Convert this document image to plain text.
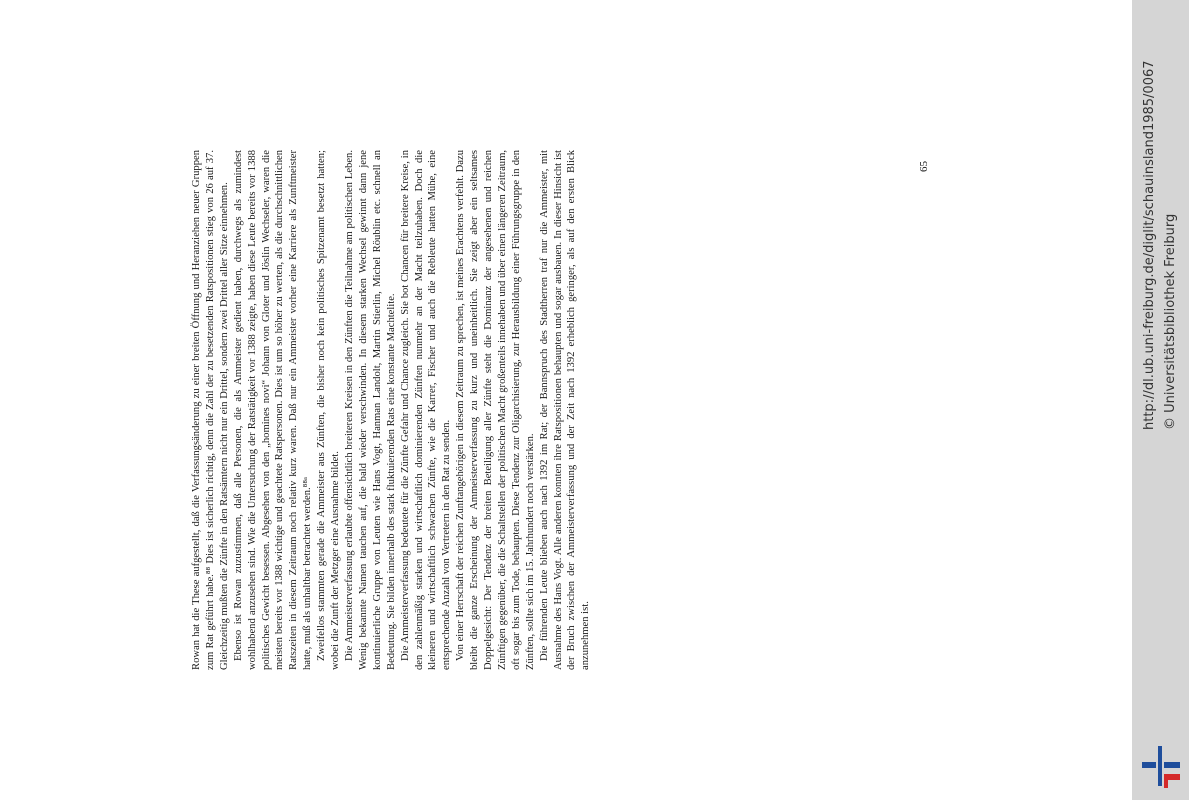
Rowan hat die These aufgestellt, daß die Verfassungsänderung zu einer breiten Öffnung und Heranziehen neuer Gruppen zum Rat geführt habe.⁸⁸ Dies ist sicherlich richtig, denn die Zahl der zu besetzenden Ratspositionen stieg von 26 auf 37. Gleichzeitig mußten die Zünfte in den Ratsämtern nicht nur ein Drittel, sondern zwei Drittel aller Sitze einnehmen. Ebenso ist Rowan zuzustimmen, daß alle Personen, die als Ammeister gedient haben, durchwegs als zumindest wohlhabend anzusehen sind. Wie die Untersuchung der Ratstätigkeit vor 1388 zeigte, haben diese Leute bereits vor 1388 politisches Gewicht besessen. Abgesehen von den „homines novi“ Johann von Gloter und Jöslin Wechseler, waren die meisten bereits vor 1388 wichtige und geachtete Ratspersonen. Dies ist um so höher zu werten, als die durchschnittlichen Ratszeiten in diesem Zeitraum noch relativ kurz waren. Daß nur ein Ammeister vorher eine Karriere als Zunftmeister hatte, muß als unhaltbar betrachtet werden.⁸⁸ᵃ Zweifellos stammten gerade die Ammeister aus Zünften, die bisher noch kein politisches Spitzenamt besetzt hatten; wobei die Zunft der Metzger eine Ausnahme bildet. Die Ammeisterverfassung erlaubte offensichtlich breiteren Kreisen in den Zünften die Teilnahme am politischen Leben. Wenig bekannte Namen tauchen auf, die bald wieder verschwinden. In diesem starken Wechsel gewinnt dann jene kontinuierliche Gruppe von Leuten wie Hans Vogt, Hanman Landolt, Martin Stierlin, Michel Röublin etc. schnell an Bedeutung. Sie bilden innerhalb des stark fluktuierenden Rats eine konstante Machtelite. Die Ammeisterverfassung bedeutete für die Zünfte Gefahr und Chance zugleich. Sie bot Chancen für breitere Kreise, in den zahlenmäßig starken und wirtschaftlich dominierenden Zünften nunmehr an der Macht teilzuhaben. Doch die kleineren und wirtschaftlich schwachen Zünfte, wie die Karrer, Fischer und auch die Rebleute hatten Mühe, eine entsprechende Anzahl von Vertretern in den Rat zu senden. Von einer Herrschaft der reichen Zunftangehörigen in diesem Zeitraum zu sprechen, ist meines Erachtens verfehlt. Dazu bleibt die ganze Erscheinung der Ammeisterverfassung zu kurz und uneinheitlich. Sie zeigt aber ein seltsames Doppelgesicht: Der Tendenz der breiten Beteiligung aller Zünfte steht die Dominanz der angesehenen und reichen Zünftigen gegenüber, die die Schaltstellen der politischen Macht großenteils innehaben und über einen längeren Zeitraum, oft sogar bis zum Tode, behaupten. Diese Tendenz zur Oligarchisierung, zur Herausbildung einer Führungsgruppe in den Zünften, sollte sich im 15. Jahrhundert noch verstärken. Die führenden Leute blieben auch nach 1392 im Rat; der Bannspruch des Stadtherren traf nur die Ammeister, mit Ausnahme des Hans Vogt. Alle anderen konnten ihre Ratspositionen behaupten und sogar ausbauen. In dieser Hinsicht ist der Bruch zwischen der Ammeisterverfassung und der Zeit nach 1392 erheblich geringer, als auf den ersten Blick anzunehmen ist.

65	http://dl.ub.uni-freiburg.de/diglit/schauinsland1985/0067 © Universitätsbibliothek Freiburg
